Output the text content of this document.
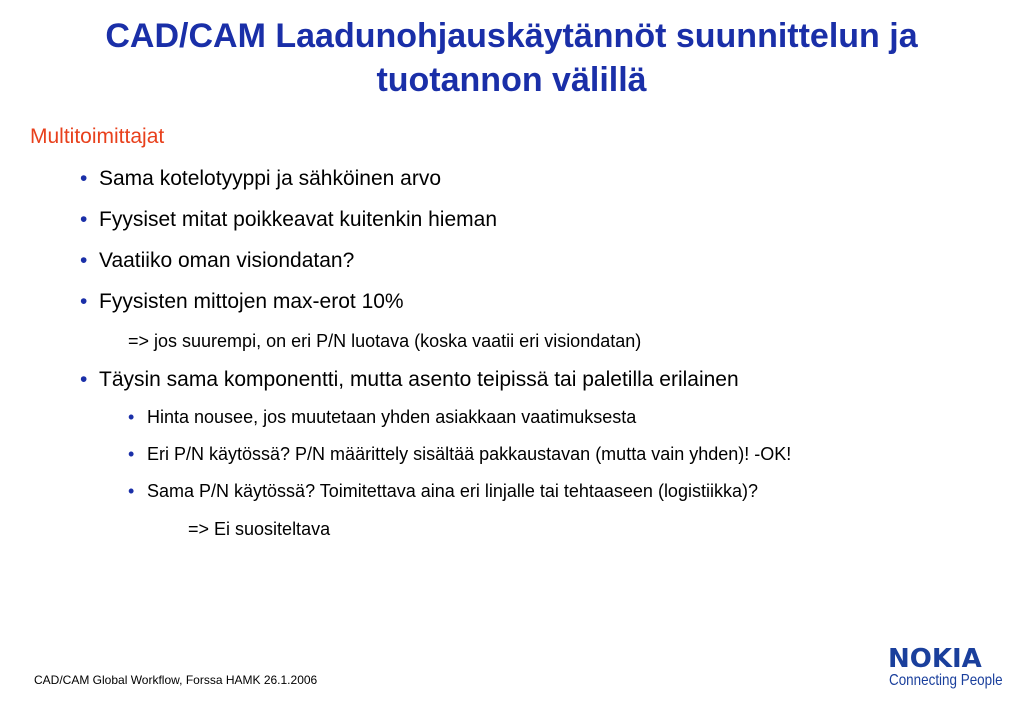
CAD/CAM Laadunohjauskäytännöt suunnittelun ja
tuotannon välillä
Multitoimittajat
• Sama kotelotyyppi ja sähköinen arvo
• Fyysiset mitat poikkeavat kuitenkin hieman
• Vaatiiko oman visiondatan?
• Fyysisten mittojen max-erot 10%
=> jos suurempi, on eri P/N luotava (koska vaatii eri visiondatan)
• Täysin sama komponentti, mutta asento teipissä tai paletilla erilainen
• Hinta nousee, jos muutetaan yhden asiakkaan vaatimuksesta
• Eri P/N käytössä? P/N määrittely sisältää pakkaustavan (mutta vain yhden)! -OK!
• Sama P/N käytössä? Toimitettava aina eri linjalle tai tehtaaseen (logistiikka)?
=> Ei suositeltava
CAD/CAM Global Workflow, Forssa HAMK 26.1.2006
NOKIA
Connecting People
